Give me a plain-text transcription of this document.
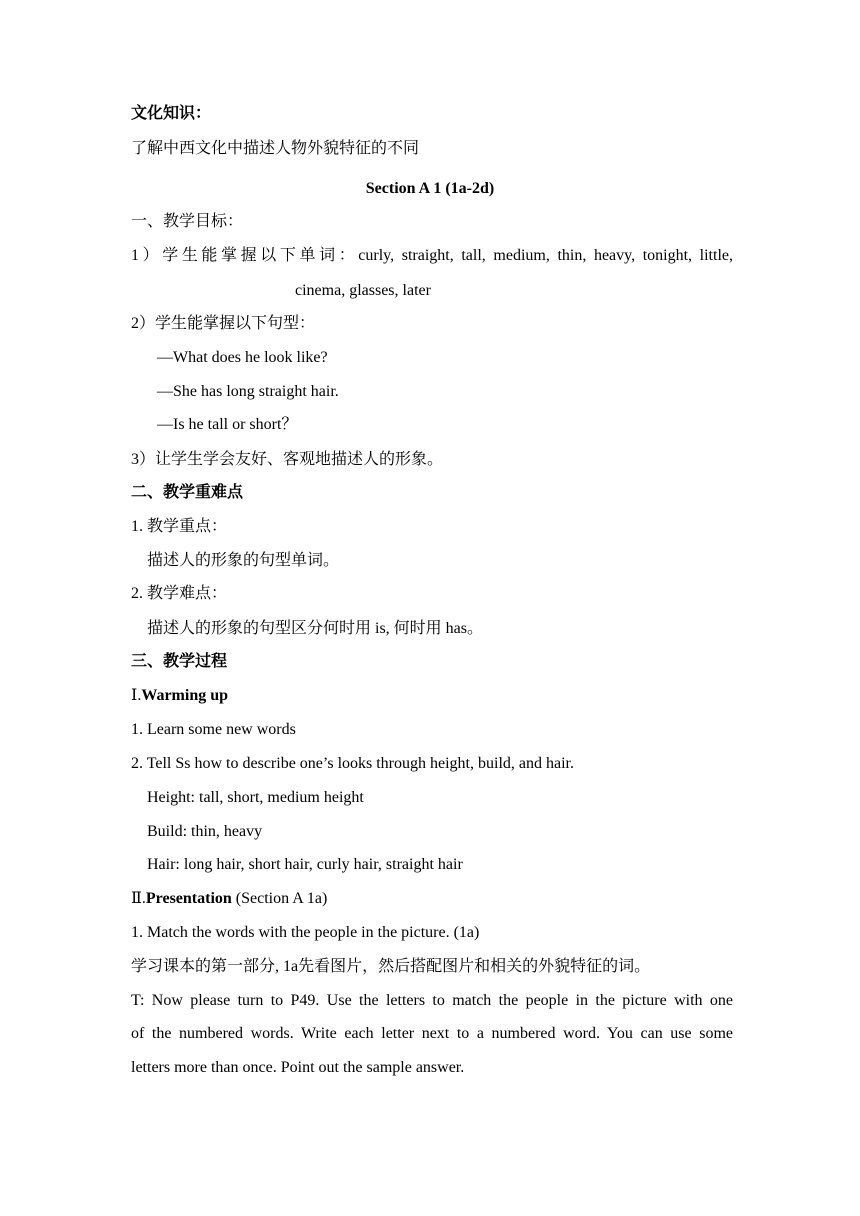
文化知识：
了解中西文化中描述人物外貌特征的不同
Section A 1 (1a-2d)
一、教学目标：
1）学生能掌握以下单词：curly, straight, tall, medium, thin, heavy, tonight, little,
cinema, glasses, later
2）学生能掌握以下句型：
—What does he look like?
—She has long straight hair.
—Is he tall or short？
3）让学生学会友好、客观地描述人的形象。
二、教学重难点
1. 教学重点：
描述人的形象的句型单词。
2. 教学难点：
描述人的形象的句型区分何时用 is, 何时用 has。
三、教学过程
Ⅰ.Warming up
1. Learn some new words
2. Tell Ss how to describe one’s looks through height, build, and hair.
Height: tall, short, medium height
Build: thin, heavy
Hair: long hair, short hair, curly hair, straight hair
Ⅱ.Presentation (Section A 1a)
1. Match the words with the people in the picture. (1a)
学习课本的第一部分, 1a先看图片，然后搭配图片和相关的外貌特征的词。
T: Now please turn to P49. Use the letters to match the people in the picture with one
of the numbered words. Write each letter next to a numbered word. You can use some
letters more than once. Point out the sample answer.
